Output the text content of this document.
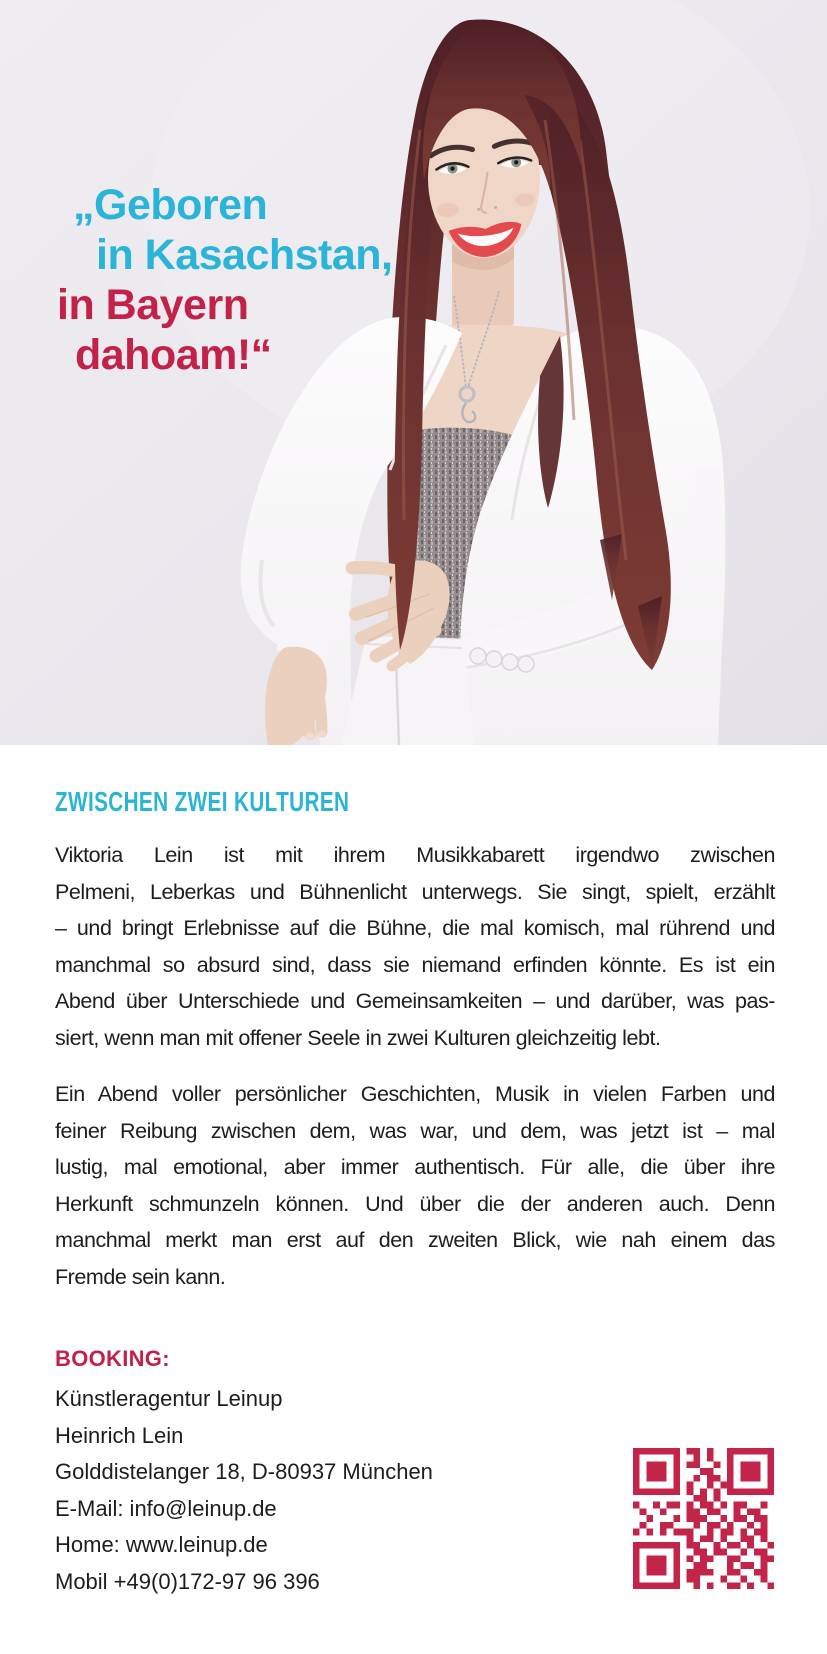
„Geboren
in Kasachstan,
in Bayern
dahoam!“
ZWISCHEN ZWEI KULTUREN
Viktoria Lein ist mit ihrem Musikkabarett irgendwo zwischen
Pelmeni, Leberkas und Bühnenlicht unterwegs. Sie singt, spielt, erzählt
– und bringt Erlebnisse auf die Bühne, die mal komisch, mal rührend und
manchmal so absurd sind, dass sie niemand erfinden könnte. Es ist ein
Abend über Unterschiede und Gemeinsamkeiten – und darüber, was pas-
siert, wenn man mit offener Seele in zwei Kulturen gleichzeitig lebt.
Ein Abend voller persönlicher Geschichten, Musik in vielen Farben und
feiner Reibung zwischen dem, was war, und dem, was jetzt ist – mal
lustig, mal emotional, aber immer authentisch. Für alle, die über ihre
Herkunft schmunzeln können. Und über die der anderen auch. Denn
manchmal merkt man erst auf den zweiten Blick, wie nah einem das
Fremde sein kann.
BOOKING:
Künstleragentur Leinup
Heinrich Lein
Golddistelanger 18, D-80937 München
E-Mail: info@leinup.de
Home: www.leinup.de
Mobil +49(0)172-97 96 396
